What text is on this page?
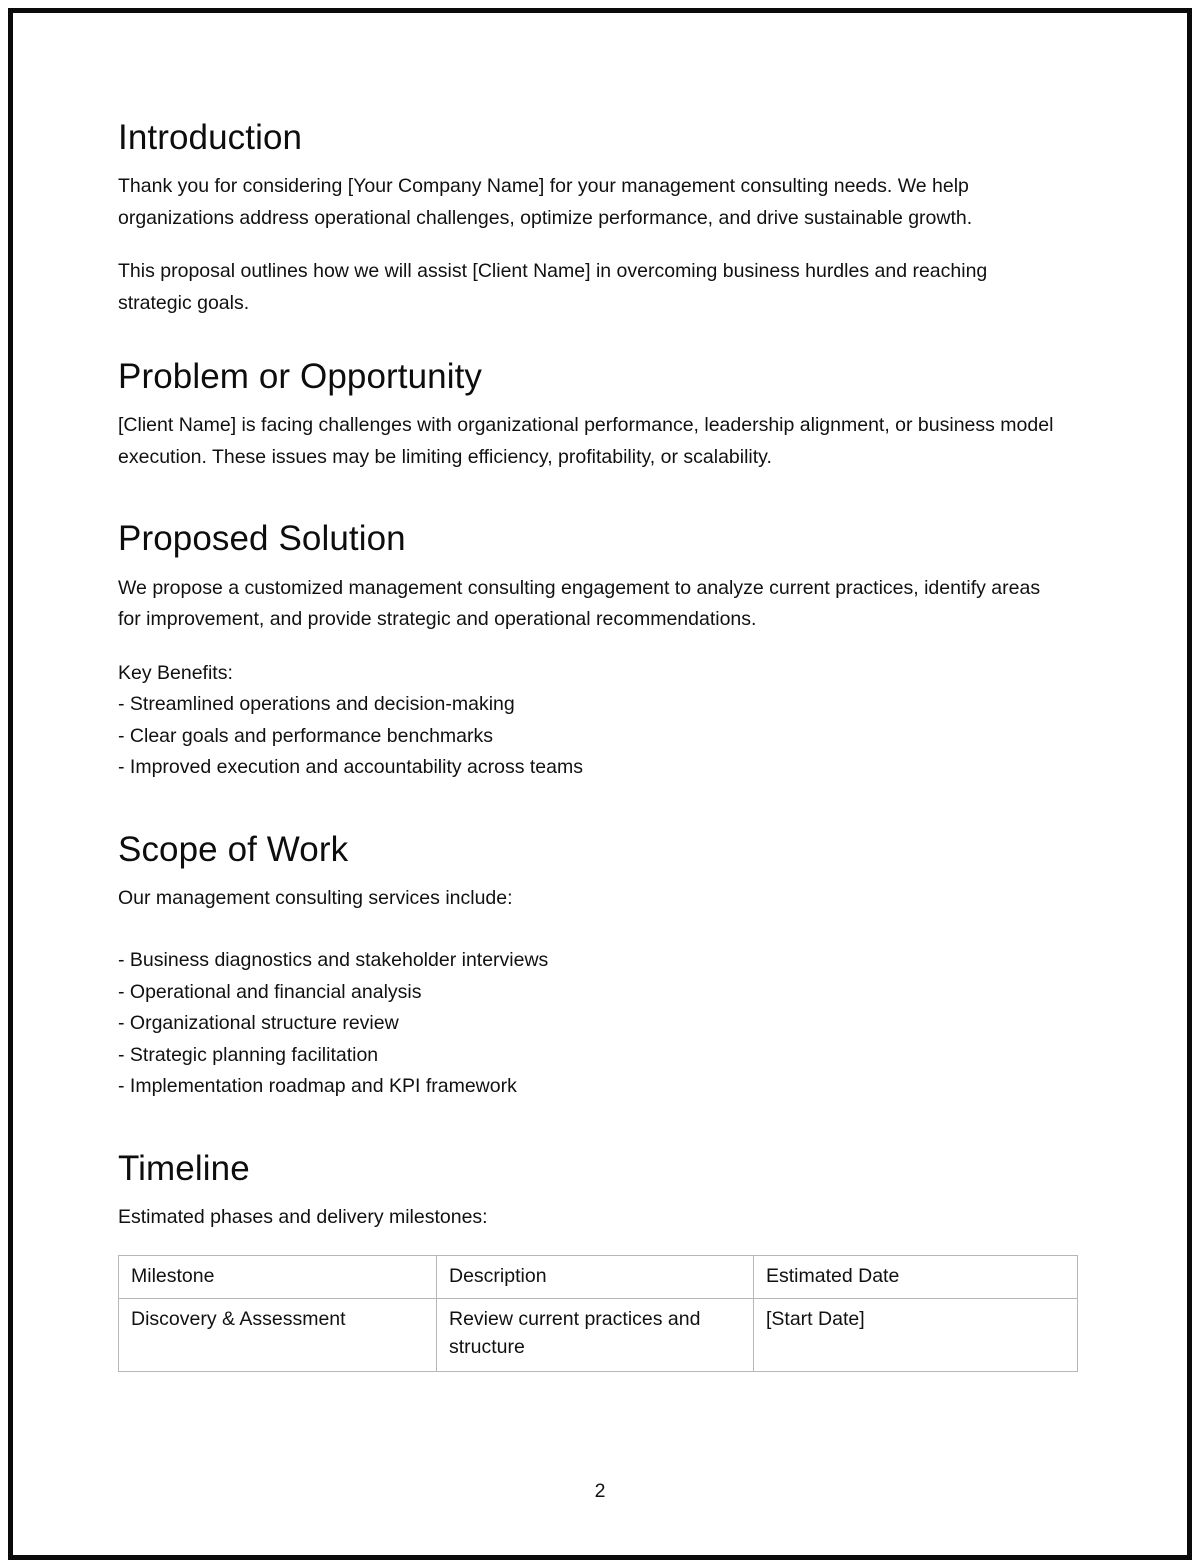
Introduction

Thank you for considering [Your Company Name] for your management consulting needs. We help organizations address operational challenges, optimize performance, and drive sustainable growth.

This proposal outlines how we will assist [Client Name] in overcoming business hurdles and reaching strategic goals.

Problem or Opportunity

[Client Name] is facing challenges with organizational performance, leadership alignment, or business model execution. These issues may be limiting efficiency, profitability, or scalability.

Proposed Solution

We propose a customized management consulting engagement to analyze current practices, identify areas for improvement, and provide strategic and operational recommendations.

Key Benefits:
- Streamlined operations and decision-making
- Clear goals and performance benchmarks
- Improved execution and accountability across teams
Scope of Work

Our management consulting services include:

- Business diagnostics and stakeholder interviews
- Operational and financial analysis
- Organizational structure review
- Strategic planning facilitation
- Implementation roadmap and KPI framework
Timeline

Estimated phases and delivery milestones:

Milestone	Description	Estimated Date
Discovery & Assessment	Review current practices and structure	[Start Date]
2
